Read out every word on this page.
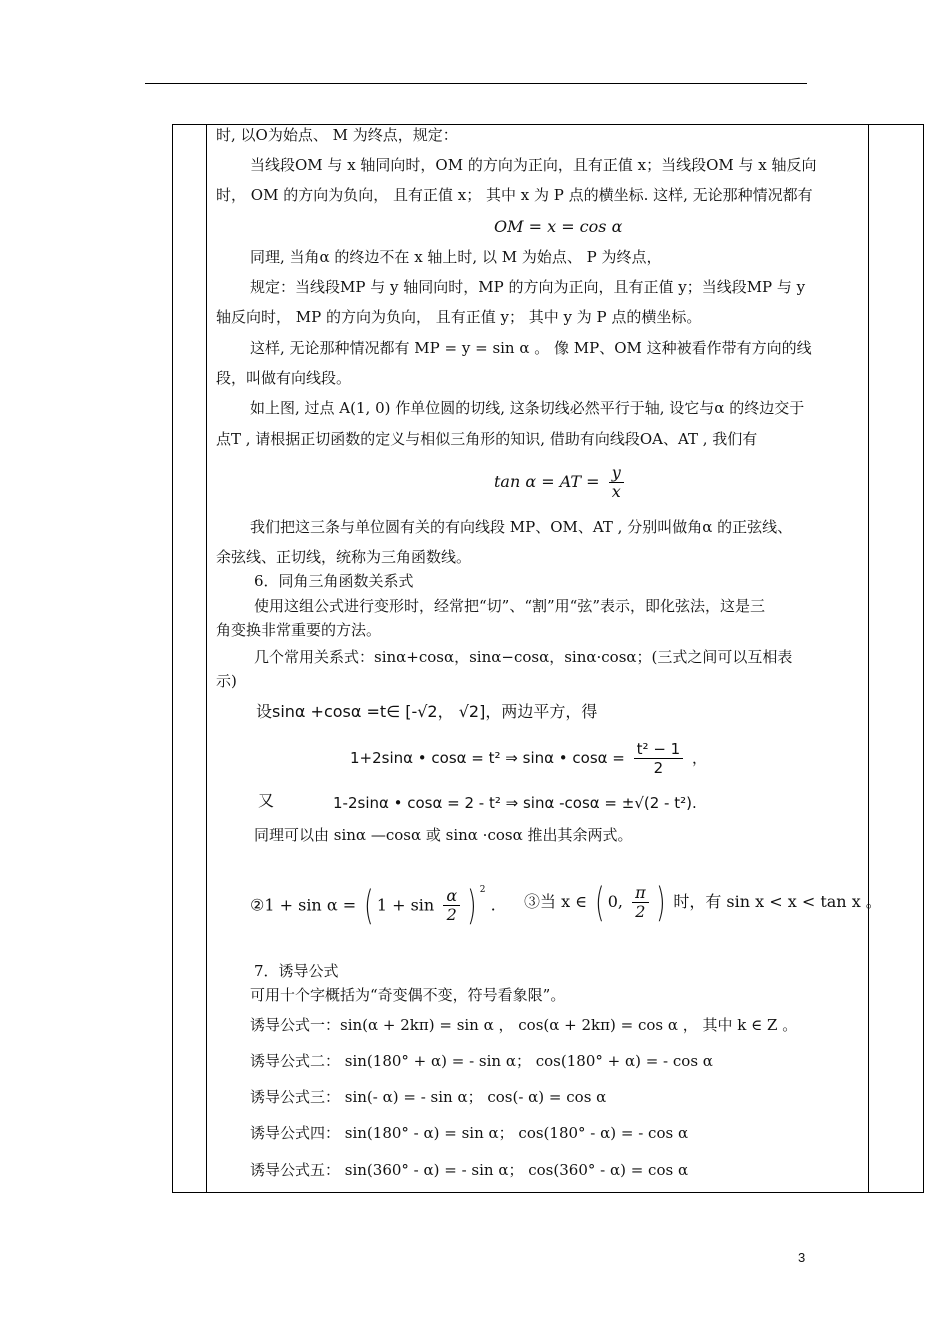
时, 以O为始点、 M 为终点，规定：
当线段OM 与 x 轴同向时，OM 的方向为正向，且有正值 x；当线段OM 与 x 轴反向
时， OM 的方向为负向， 且有正值 x； 其中 x 为 P 点的横坐标. 这样, 无论那种情况都有
OM = x = cos α
同理, 当角α 的终边不在 x 轴上时, 以 M 为始点、 P 为终点，
规定：当线段MP 与 y 轴同向时，MP 的方向为正向，且有正值 y；当线段MP 与 y
轴反向时， MP 的方向为负向， 且有正值 y； 其中 y 为 P 点的横坐标。
这样, 无论那种情况都有 MP = y = sin α 。 像 MP、OM 这种被看作带有方向的线
段，叫做有向线段。
如上图, 过点 A(1, 0) 作单位圆的切线, 这条切线必然平行于轴, 设它与α 的终边交于
点T , 请根据正切函数的定义与相似三角形的知识, 借助有向线段OA、AT , 我们有
tan α = AT = $\frac{y}{x}$
我们把这三条与单位圆有关的有向线段 MP、OM、AT , 分别叫做角α 的正弦线、
余弦线、正切线，统称为三角函数线。
6．同角三角函数关系式
使用这组公式进行变形时，经常把“切”、“割”用“弦”表示，即化弦法，这是三
角变换非常重要的方法。
几个常用关系式：sinα+cosα，sinα−cosα，sinα·cosα；(三式之间可以互相表
示)
设sinα +cosα =t∈ [-√2， √2]，两边平方，得
1+2sinα • cosα = t² ⇒ sinα • $\cos\alpha = \frac{\text{t² − 1}}{2}$ ，
又	1-2sinα • cosα = 2 - t² ⇒ sinα -cosα = ±√(2 - t²).
同理可以由 sinα —cosα 或 sinα ·cosα 推出其余两式。
②1 + sin α = ( $1 + \sin \frac{\alpha}{2}$ ) $^2$ . ③当 x ∈ ( 0, $\frac{\pi}{2}$ ) 时，有 sin x < x < tan x 。
7．诱导公式
可用十个字概括为“奇变偶不变，符号看象限”。
诱导公式一：sin(α + 2kπ) = sin α ， cos(α + 2kπ) = cos α ， 其中 k ∈ Z 。
诱导公式二： sin(180° + α) = - sin α； cos(180° + α) = - cos α
诱导公式三： sin(- α) = - sin α； cos(- α) = cos α
诱导公式四： sin(180° - α) = sin α； cos(180° - α) = - cos α
诱导公式五： sin(360° - α) = - sin α； cos(360° - α) = cos α
3
